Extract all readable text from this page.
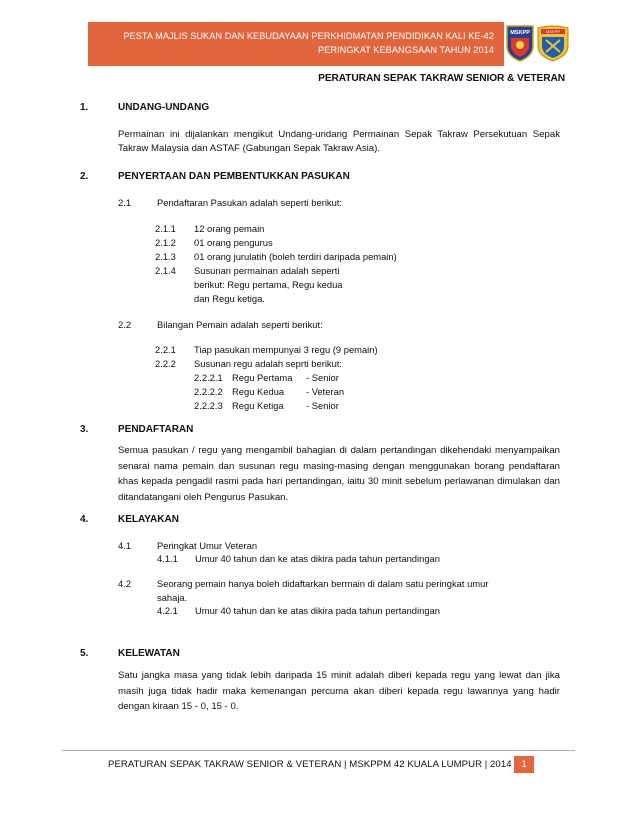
PESTA MAJLIS SUKAN DAN KEBUDAYAAN PERKHIDMATAN PENDIDIKAN KALI KE-42
PERINGKAT KEBANGSAAN TAHUN 2014
MSKPP	MSKPP
PERATURAN SEPAK TAKRAW SENIOR & VETERAN
1.	UNDANG-UNDANG
Permainan ini dijalankan mengikut Undang-undang Permainan Sepak Takraw Persekutuan Sepak Takraw Malaysia dan ASTAF (Gabungan Sepak Takraw Asia).
2.	PENYERTAAN DAN PEMBENTUKKAN PASUKAN
2.1	Pendaftaran Pasukan adalah seperti berikut:
2.1.1 12 orang pemain
2.1.2 01 orang pengurus
2.1.3 01 orang jurulatih (boleh terdiri daripada pemain)
2.1.4 Susunan permainan adalah seperti
berikut: Regu pertama, Regu kedua
dan Regu ketiga.
2.2	Bilangan Pemain adalah seperti berikut:
2.2.1 Tiap pasukan mempunyai 3 regu (9 pemain)
2.2.2 Susunan regu adalah seprti berikut:
2.2.2.1 Regu Pertama - Senior
2.2.2.2 Regu Kedua - Veteran
2.2.2.3 Regu Ketiga - Senior
3.	PENDAFTARAN
Semua pasukan / regu yang mengambil bahagian di dalam pertandingan dikehendaki menyampaikan senarai nama pemain dan susunan regu masing-masing dengan menggunakan borang pendaftaran khas kepada pengadil rasmi pada hari pertandingan, iaitu 30 minit sebelum perlawanan dimulakan dan ditandatangani oleh Pengurus Pasukan.
4.	KELAYAKAN
4.1	Peringkat Umur Veteran
4.1.1 Umur 40 tahun dan ke atas dikira pada tahun pertandingan
4.2	Seorang pemain hanya boleh didaftarkan bermain di dalam satu peringkat umur
sahaja.
4.2.1 Umur 40 tahun dan ke atas dikira pada tahun pertandingan
5.	KELEWATAN
Satu jangka masa yang tidak lebih daripada 15 minit adalah diberi kepada regu yang lewat dan jika masih juga tidak hadir maka kemenangan percuma akan diberi kepada regu lawannya yang hadir dengan kiraan 15 - 0, 15 - 0.
PERATURAN SEPAK TAKRAW SENIOR & VETERAN | MSKPPM 42 KUALA LUMPUR | 2014	1
